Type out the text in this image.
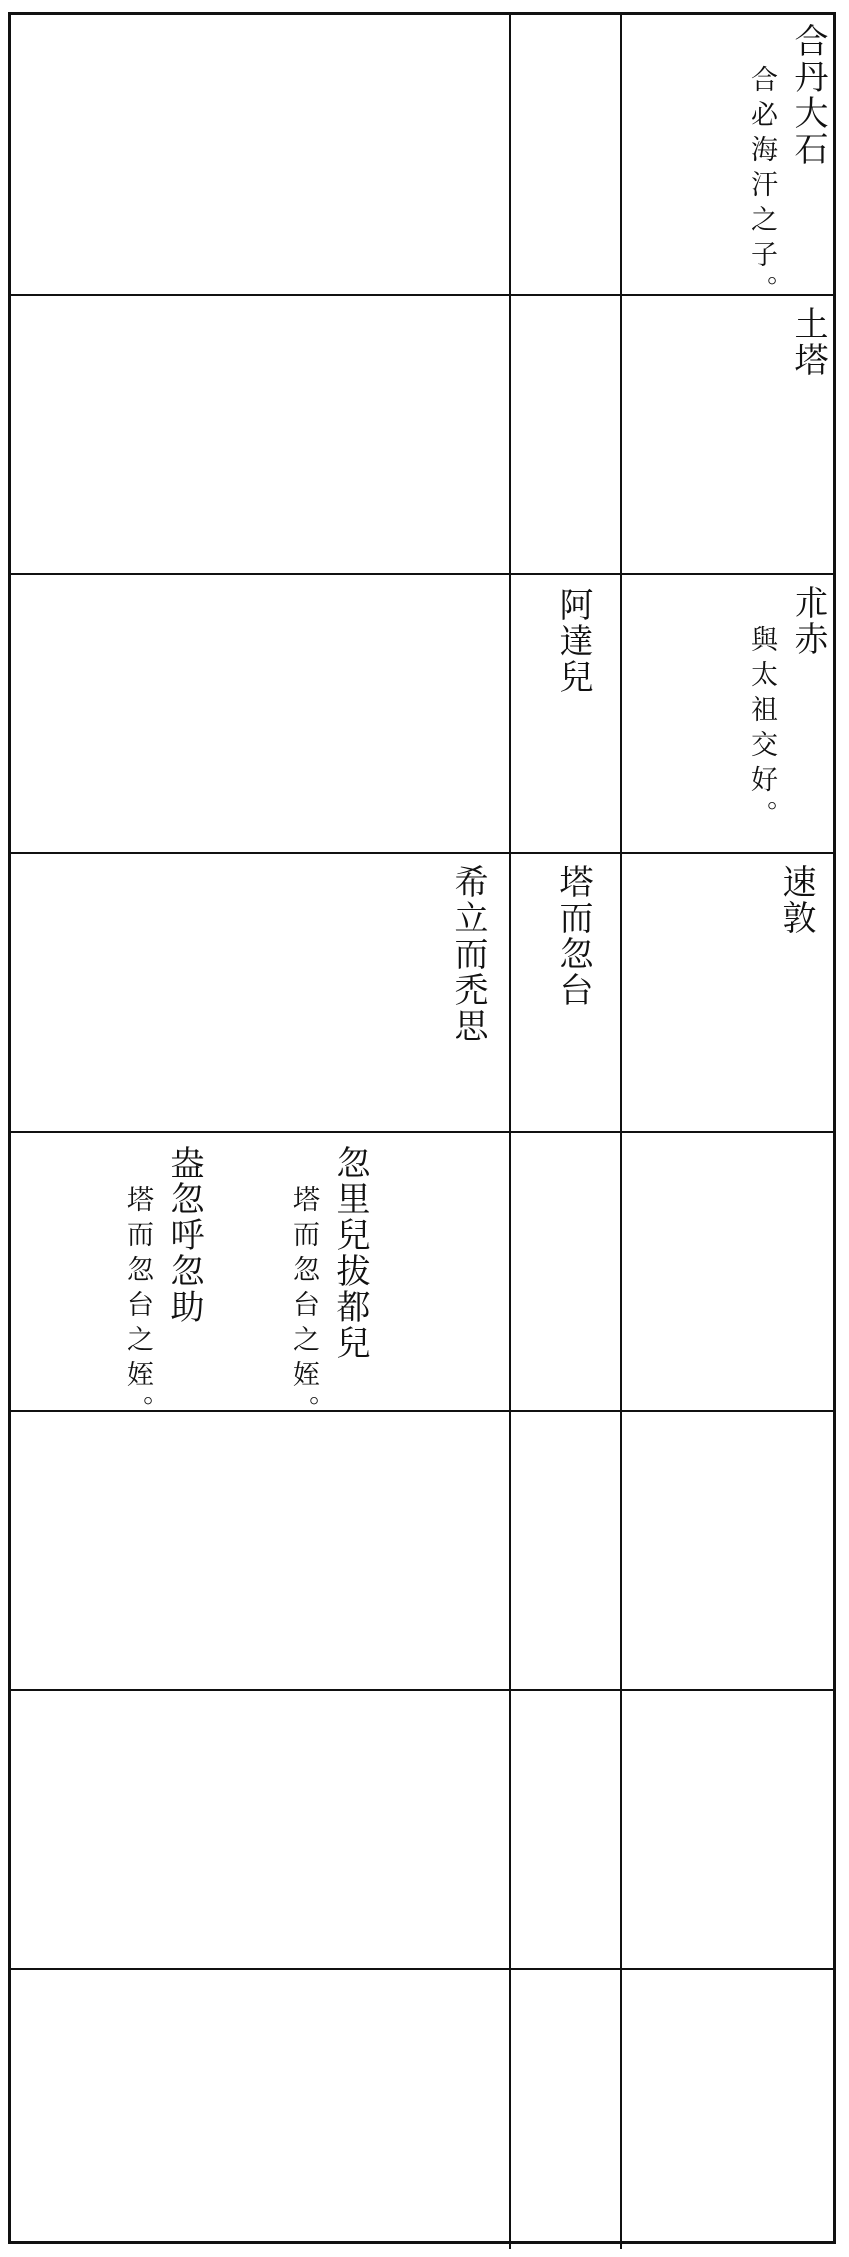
合丹大石
合必海汗之子。
土塔
阿達兒	朮赤
與太祖交好。
希立而禿思 塔而忽台	速敦
忽里兒拔都兒
塔而忽台之姪。
盎忽呼忽助
塔而忽台之姪。
